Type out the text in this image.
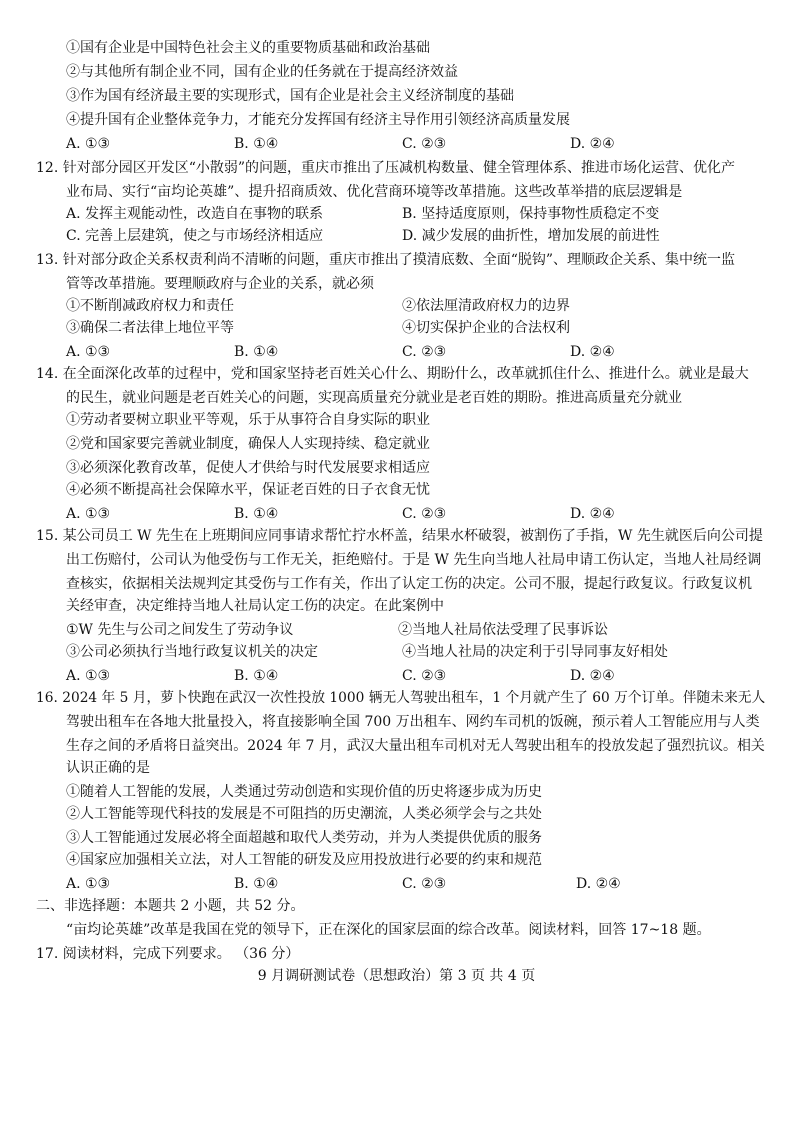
①国有企业是中国特色社会主义的重要物质基础和政治基础
②与其他所有制企业不同，国有企业的任务就在于提高经济效益
③作为国有经济最主要的实现形式，国有企业是社会主义经济制度的基础
④提升国有企业整体竞争力，才能充分发挥国有经济主导作用引领经济高质量发展
A. ①③	B. ①④	C. ②③	D. ②④
12. 针对部分园区开发区“小散弱”的问题，重庆市推出了压减机构数量、健全管理体系、推进市场化运营、优化产
业布局、实行“亩均论英雄”、提升招商质效、优化营商环境等改革措施。这些改革举措的底层逻辑是
A. 发挥主观能动性，改造自在事物的联系	B. 坚持适度原则，保持事物性质稳定不变
C. 完善上层建筑，使之与市场经济相适应	D. 减少发展的曲折性，增加发展的前进性
13. 针对部分政企关系权责利尚不清晰的问题，重庆市推出了摸清底数、全面“脱钩”、理顺政企关系、集中统一监
管等改革措施。要理顺政府与企业的关系，就必须
①不断削减政府权力和责任	②依法厘清政府权力的边界
③确保二者法律上地位平等	④切实保护企业的合法权利
A. ①③	B. ①④	C. ②③	D. ②④
14. 在全面深化改革的过程中，党和国家坚持老百姓关心什么、期盼什么，改革就抓住什么、推进什么。就业是最大
的民生，就业问题是老百姓关心的问题，实现高质量充分就业是老百姓的期盼。推进高质量充分就业
①劳动者要树立职业平等观，乐于从事符合自身实际的职业
②党和国家要完善就业制度，确保人人实现持续、稳定就业
③必须深化教育改革，促使人才供给与时代发展要求相适应
④必须不断提高社会保障水平，保证老百姓的日子衣食无忧
A. ①③	B. ①④	C. ②③	D. ②④
15. 某公司员工 W 先生在上班期间应同事请求帮忙拧水杯盖，结果水杯破裂，被割伤了手指，W 先生就医后向公司提
出工伤赔付，公司认为他受伤与工作无关，拒绝赔付。于是 W 先生向当地人社局申请工伤认定，当地人社局经调
查核实，依据相关法规判定其受伤与工作有关，作出了认定工伤的决定。公司不服，提起行政复议。行政复议机
关经审查，决定维持当地人社局认定工伤的决定。在此案例中
①W 先生与公司之间发生了劳动争议	②当地人社局依法受理了民事诉讼
③公司必须执行当地行政复议机关的决定	④当地人社局的决定利于引导同事友好相处
A. ①③	B. ①④	C. ②③	D. ②④
16. 2024 年 5 月，萝卜快跑在武汉一次性投放 1000 辆无人驾驶出租车，1 个月就产生了 60 万个订单。伴随未来无人
驾驶出租车在各地大批量投入，将直接影响全国 700 万出租车、网约车司机的饭碗，预示着人工智能应用与人类
生存之间的矛盾将日益突出。2024 年 7 月，武汉大量出租车司机对无人驾驶出租车的投放发起了强烈抗议。相关
认识正确的是
①随着人工智能的发展，人类通过劳动创造和实现价值的历史将逐步成为历史
②人工智能等现代科技的发展是不可阻挡的历史潮流，人类必须学会与之共处
③人工智能通过发展必将全面超越和取代人类劳动，并为人类提供优质的服务
④国家应加强相关立法，对人工智能的研发及应用投放进行必要的约束和规范
A. ①③	B. ①④	C. ②③	D. ②④
二、非选择题：本题共 2 小题，共 52 分。
“亩均论英雄”改革是我国在党的领导下，正在深化的国家层面的综合改革。阅读材料，回答 17~18 题。
17. 阅读材料，完成下列要求。 （36 分）
9 月调研测试卷（思想政治）第 3 页 共 4 页
